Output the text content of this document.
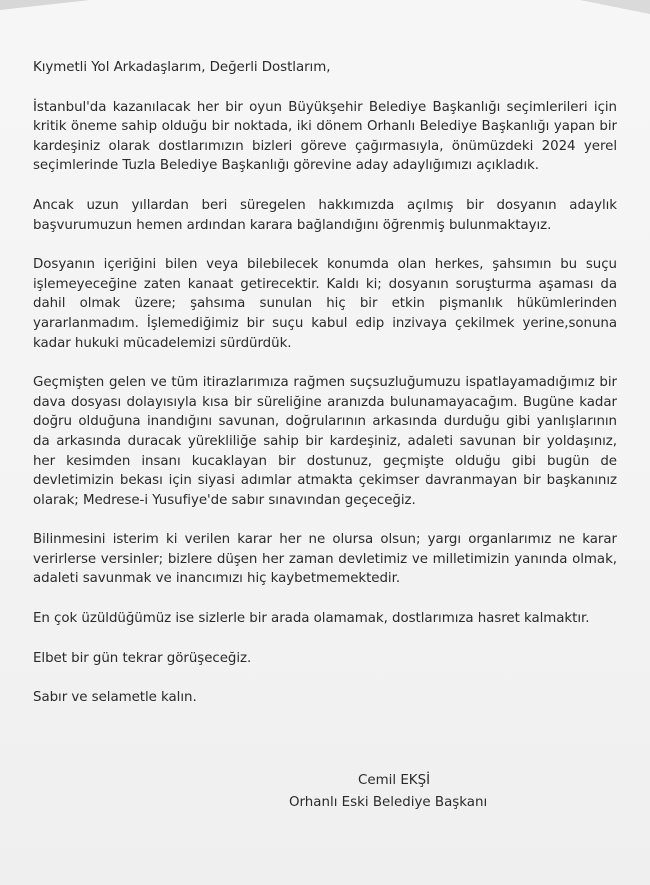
Kıymetli Yol Arkadaşlarım, Değerli Dostlarım,

İstanbul'da kazanılacak her bir oyun Büyükşehir Belediye Başkanlığı seçimlerileri için kritik öneme sahip olduğu bir noktada, iki dönem Orhanlı Belediye Başkanlığı yapan bir kardeşiniz olarak dostlarımızın bizleri göreve çağırmasıyla, önümüzdeki 2024 yerel seçimlerinde Tuzla Belediye Başkanlığı görevine aday adaylığımızı açıkladık.

Ancak uzun yıllardan beri süregelen hakkımızda açılmış bir dosyanın adaylık başvurumuzun hemen ardından karara bağlandığını öğrenmiş bulunmaktayız.

Dosyanın içeriğini bilen veya bilebilecek konumda olan herkes, şahsımın bu suçu işlemeyeceğine zaten kanaat getirecektir. Kaldı ki; dosyanın soruşturma aşaması da dahil olmak üzere; şahsıma sunulan hiç bir etkin pişmanlık hükümlerinden yararlanmadım. İşlemediğimiz bir suçu kabul edip inzivaya çekilmek yerine,sonuna kadar hukuki mücadelemizi sürdürdük.

Geçmişten gelen ve tüm itirazlarımıza rağmen suçsuzluğumuzu ispatlayamadığımız bir dava dosyası dolayısıyla kısa bir süreliğine aranızda bulunamayacağım. Bugüne kadar doğru olduğuna inandığını savunan, doğrularının arkasında durduğu gibi yanlışlarının da arkasında duracak yürekliliğe sahip bir kardeşiniz, adaleti savunan bir yoldaşınız, her kesimden insanı kucaklayan bir dostunuz, geçmişte olduğu gibi bugün de devletimizin bekası için siyasi adımlar atmakta çekimser davranmayan bir başkanınız olarak; Medrese-i Yusufiye'de sabır sınavından geçeceğiz.

Bilinmesini isterim ki verilen karar her ne olursa olsun; yargı organlarımız ne karar verirlerse versinler; bizlere düşen her zaman devletimiz ve milletimizin yanında olmak, adaleti savunmak ve inancımızı hiç kaybetmemektedir.

En çok üzüldüğümüz ise sizlerle bir arada olamamak, dostlarımıza hasret kalmaktır.

Elbet bir gün tekrar görüşeceğiz.

Sabır ve selametle kalın.

Cemil EKŞİ
Orhanlı Eski Belediye Başkanı
